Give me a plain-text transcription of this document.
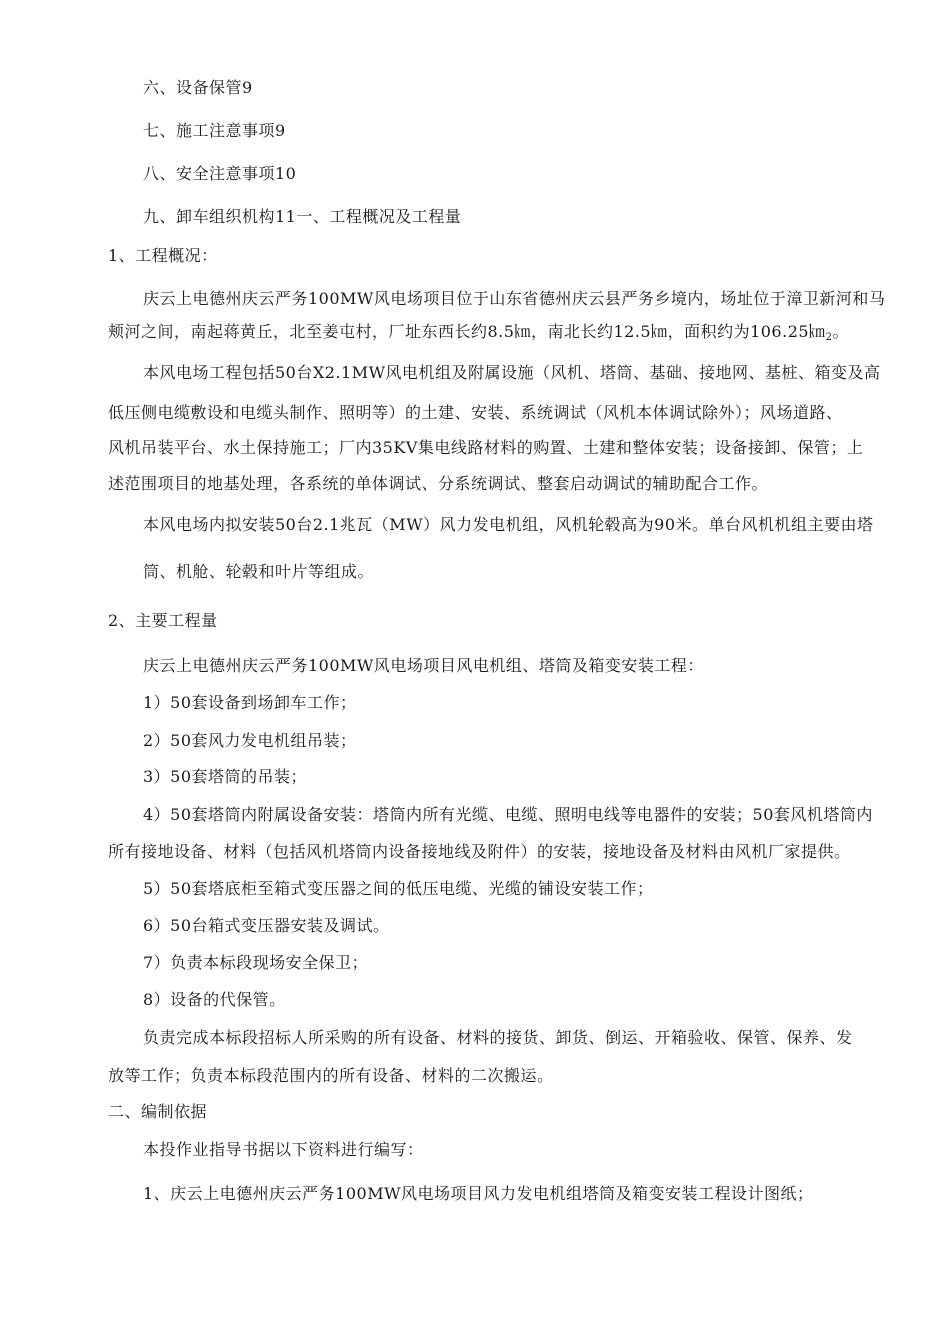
六、设备保管9
七、施工注意事项9
八、安全注意事项10
九、卸车组织机构11一、工程概况及工程量
1、工程概况：
庆云上电德州庆云严务100MW风电场项目位于山东省德州庆云县严务乡境内，场址位于漳卫新河和马
颊河之间，南起蒋黄丘，北至姜屯村，厂址东西长约8.5㎞，南北长约12.5㎞，面积约为$106.25㎞_2$。
本风电场工程包括50台X2.1MW风电机组及附属设施（风机、塔筒、基础、接地网、基桩、箱变及高
低压侧电缆敷设和电缆头制作、照明等）的土建、安装、系统调试（风机本体调试除外）；风场道路、
风机吊装平台、水土保持施工；厂内35KV集电线路材料的购置、土建和整体安装；设备接卸、保管；上
述范围项目的地基处理，各系统的单体调试、分系统调试、整套启动调试的辅助配合工作。
本风电场内拟安装50台2.1兆瓦（MW）风力发电机组，风机轮毂高为90米。单台风机机组主要由塔
筒、机舱、轮毂和叶片等组成。
2、主要工程量
庆云上电德州庆云严务100MW风电场项目风电机组、塔筒及箱变安装工程：
1）50套设备到场卸车工作；
2）50套风力发电机组吊装；
3）50套塔筒的吊装；
4）50套塔筒内附属设备安装：塔筒内所有光缆、电缆、照明电线等电器件的安装；50套风机塔筒内
所有接地设备、材料（包括风机塔筒内设备接地线及附件）的安装，接地设备及材料由风机厂家提供。
5）50套塔底柜至箱式变压器之间的低压电缆、光缆的铺设安装工作；
6）50台箱式变压器安装及调试。
7）负责本标段现场安全保卫；
8）设备的代保管。
负责完成本标段招标人所采购的所有设备、材料的接货、卸货、倒运、开箱验收、保管、保养、发
放等工作；负责本标段范围内的所有设备、材料的二次搬运。
二、编制依据
本投作业指导书据以下资料进行编写：
1、庆云上电德州庆云严务100MW风电场项目风力发电机组塔筒及箱变安装工程设计图纸；
